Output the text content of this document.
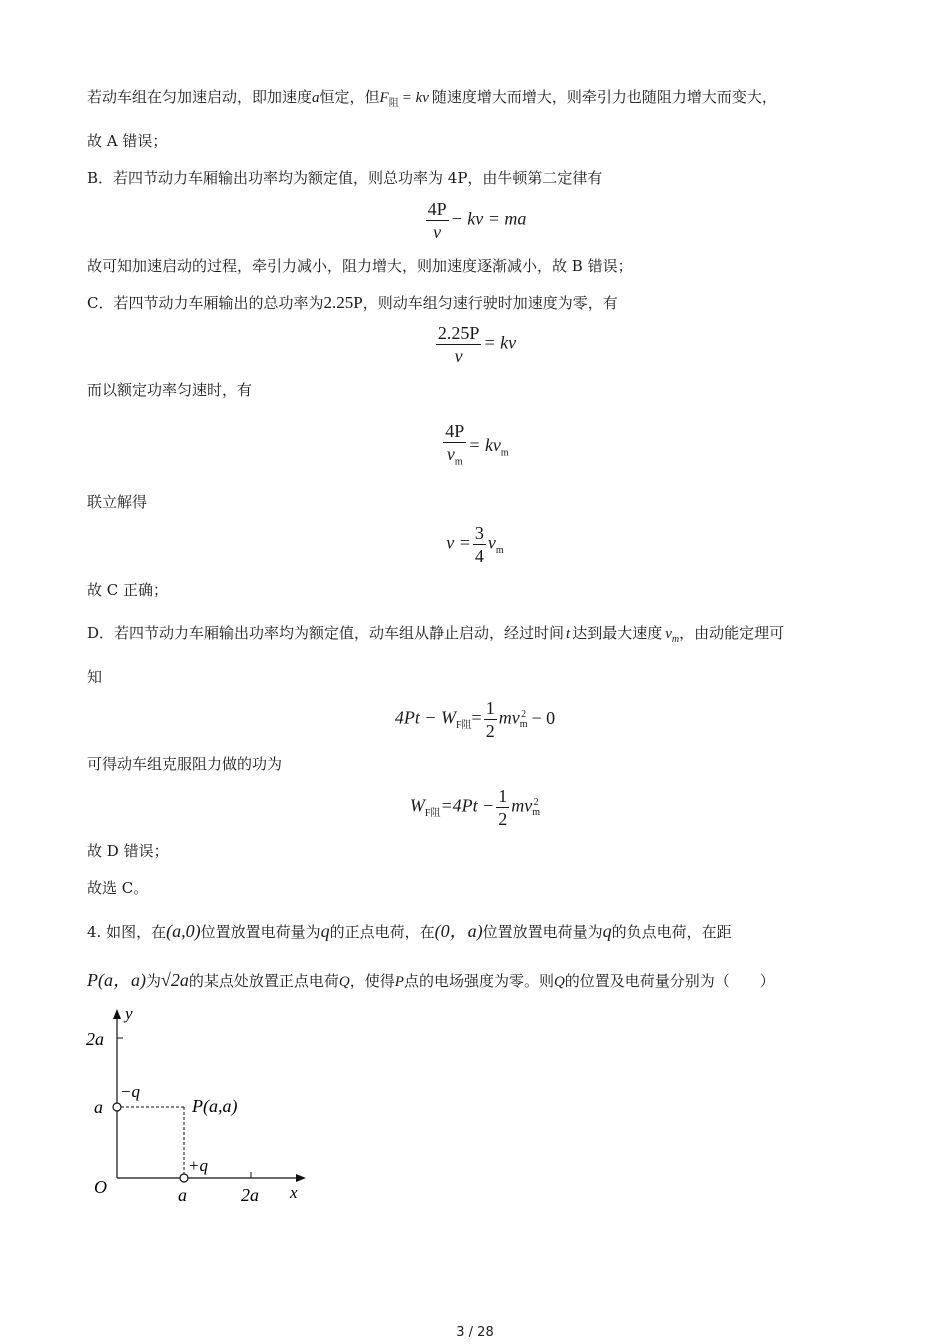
若动车组在匀加速启动，即加速度a恒定，但$F_阻$ = kv 随速度增大而增大，则牵引力也随阻力增大而变大，
故 A 错误；
B．若四节动力车厢输出功率均为额定值，则总功率为 4P，由牛顿第二定律有
$\frac{4P}{v}$ − kv = ma
故可知加速启动的过程，牵引力减小，阻力增大，则加速度逐渐减小，故 B 错误；
C．若四节动力车厢输出的总功率为2.25P，则动车组匀速行驶时加速度为零，有
$\frac{2.25P}{v}$ = kv
而以额定功率匀速时，有
$\frac{4P}{v_m} = kv_m$
联立解得
$v = \frac{3}{4} v_m$
故 C 正确；
D．若四节动力车厢输出功率均为额定值，动车组从静止启动，经过时间 t 达到最大速度 $v_m$，由动能定理可
知
$4Pt - W_{F阻}= \frac{1}{2}$ mv 2
m − 0
可得动车组克服阻力做的功为
$W_{F阻}=4Pt - \frac{1}{2}$ mv 2
m
故 D 错误；
故选 C。
4. 如图，在(a,0)位置放置电荷量为q的正点电荷，在(0，a)位置放置电荷量为q的负点电荷，在距
P(a，a)为√2a的某点处放置正点电荷Q，使得P点的电场强度为零。则Q的位置及电荷量分别为（　　）
y
x
O
2a
a
a	2a
−q
+q
P(a,a)
3 / 28
